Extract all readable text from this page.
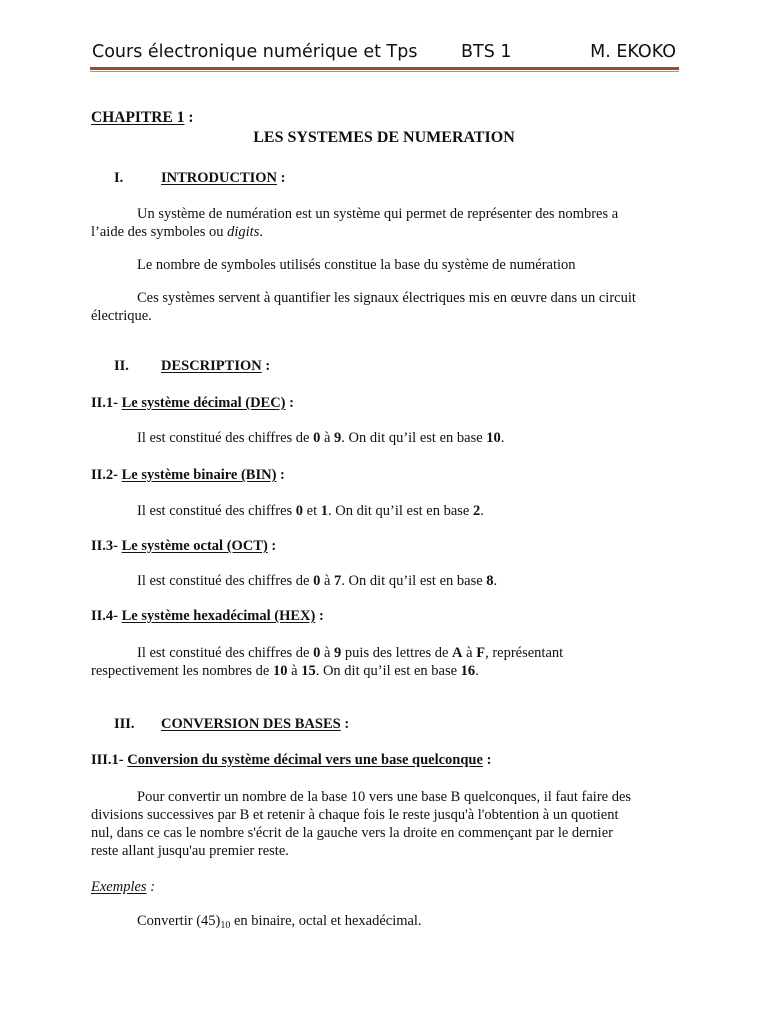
Cours électronique numérique et Tps BTS 1	M. EKOKO
CHAPITRE 1 :
LES SYSTEMES DE NUMERATION
I.	INTRODUCTION :

Un système de numération est un système qui permet de représenter des nombres a
l’aide des symboles ou digits.

Le nombre de symboles utilisés constitue la base du système de numération

Ces systèmes servent à quantifier les signaux électriques mis en œuvre dans un circuit
électrique.

II. DESCRIPTION :
II.1- Le système décimal (DEC) :
Il est constitué des chiffres de 0 à 9. On dit qu’il est en base 10.
II.2- Le système binaire (BIN) :
Il est constitué des chiffres 0 et 1. On dit qu’il est en base 2.
II.3- Le système octal (OCT) :
Il est constitué des chiffres de 0 à 7. On dit qu’il est en base 8.
II.4- Le système hexadécimal (HEX) :

Il est constitué des chiffres de 0 à 9 puis des lettres de A à F, représentant
respectivement les nombres de 10 à 15. On dit qu’il est en base 16.

III. CONVERSION DES BASES :
III.1- Conversion du système décimal vers une base quelconque :

Pour convertir un nombre de la base 10 vers une base B quelconques, il faut faire des
divisions successives par B et retenir à chaque fois le reste jusqu'à l'obtention à un quotient
nul, dans ce cas le nombre s'écrit de la gauche vers la droite en commençant par le dernier
reste allant jusqu'au premier reste.

Exemples :
Convertir $(45)_{10}$ en binaire, octal et hexadécimal.
